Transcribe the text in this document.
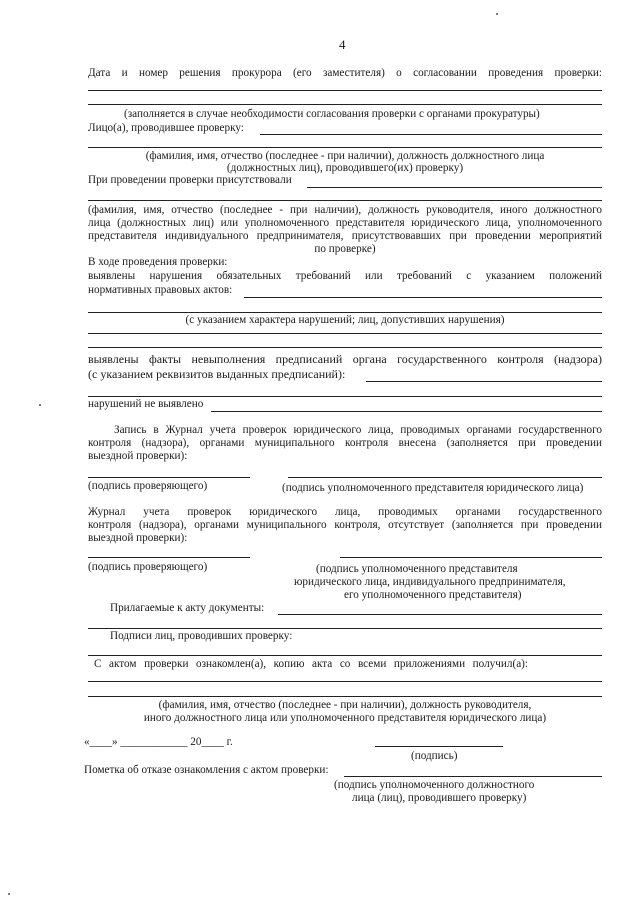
4
Дата и номер решения прокурора (его заместителя) о согласовании проведения проверки:
(заполняется в случае необходимости согласования проверки с органами прокуратуры)
Лицо(а), проводившее проверку:
(фамилия, имя, отчество (последнее - при наличии), должность должностного лица
(должностных лиц), проводившего(их) проверку)
При проведении проверки присутствовали
(фамилия, имя, отчество (последнее - при наличии), должность руководителя, иного должностного
лица (должностных лиц) или уполномоченного представителя юридического лица, уполномоченного
представителя индивидуального предпринимателя, присутствовавших при проведении мероприятий
по проверке)
В ходе проведения проверки:
выявлены нарушения обязательных требований или требований с указанием положений
нормативных правовых актов:
(с указанием характера нарушений; лиц, допустивших нарушения)
выявлены факты невыполнения предписаний органа государственного контроля (надзора)
(с указанием реквизитов выданных предписаний):
нарушений не выявлено
Запись в Журнал учета проверок юридического лица, проводимых органами государственного
контроля (надзора), органами муниципального контроля внесена (заполняется при проведении
выездной проверки):
(подпись проверяющего)	(подпись уполномоченного представителя юридического лица)
Журнал учета проверок юридического лица, проводимых органами государственного
контроля (надзора), органами муниципального контроля, отсутствует (заполняется при проведении
выездной проверки):
(подпись проверяющего)	(подпись уполномоченного представителя
юридического лица, индивидуального предпринимателя,
его уполномоченного представителя)
Прилагаемые к акту документы:
Подписи лиц, проводивших проверку:
С актом проверки ознакомлен(а), копию акта со всеми приложениями получил(а):
(фамилия, имя, отчество (последнее - при наличии), должность руководителя,
иного должностного лица или уполномоченного представителя юридического лица)
«____» ____________ 20____ г.
(подпись)
Пометка об отказе ознакомления с актом проверки:
(подпись уполномоченного должностного
лица (лиц), проводившего проверку)
